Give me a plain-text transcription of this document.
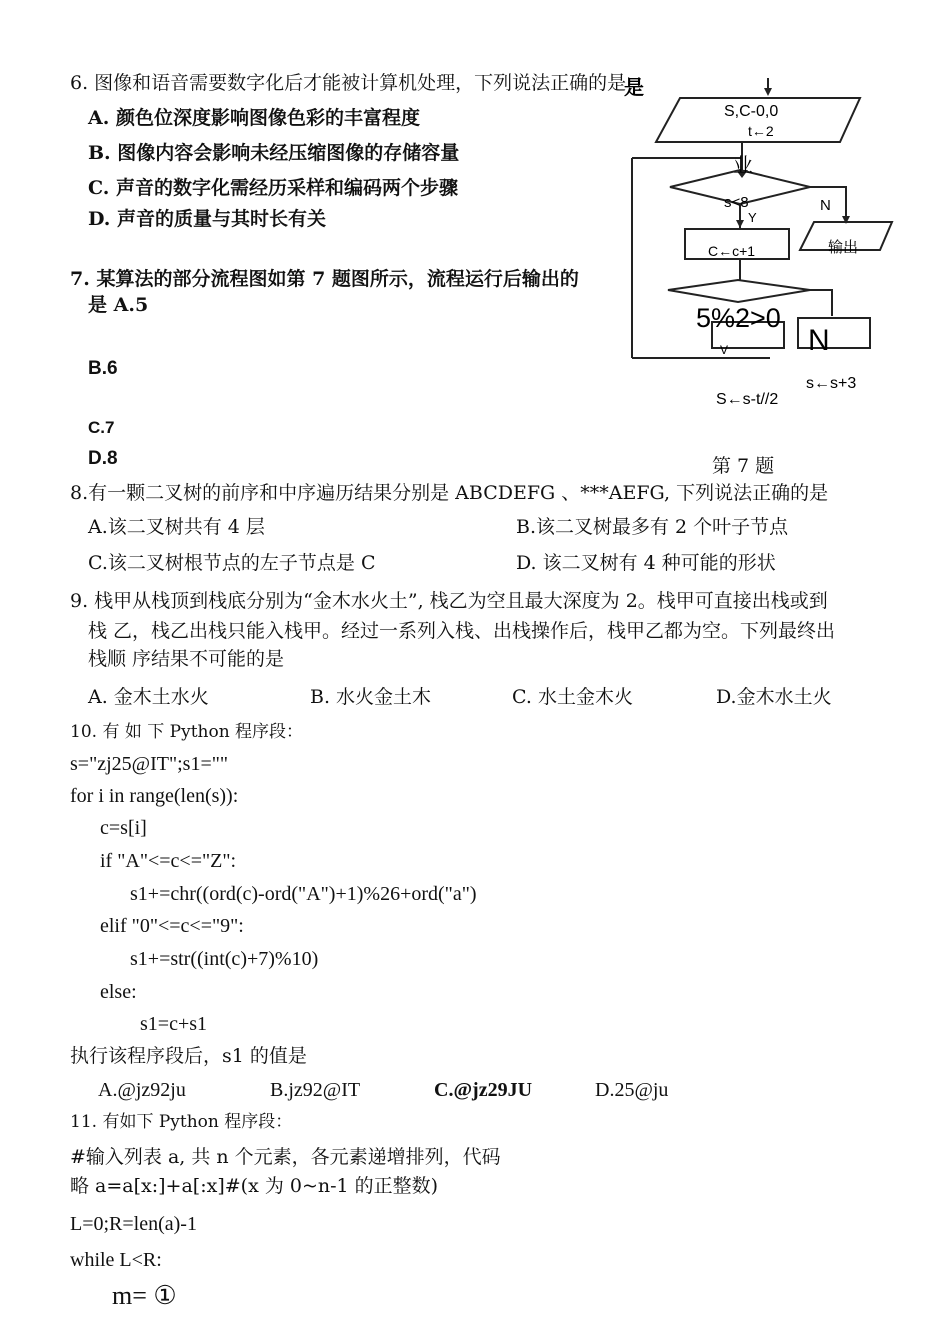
6. 图像和语音需要数字化后才能被计算机处理，下列说法正确的是
A. 颜色位深度影响图像色彩的丰富程度
B. 图像内容会影响未经压缩图像的存储容量
C. 声音的数字化需经历采样和编码两个步骤
D. 声音的质量与其时长有关
7. 某算法的部分流程图如第 7 题图所示，流程运行后输出的
是 A.5
B.6
C.7
D.8
是
S,C-0,0
t←2
业
s<8	N
Y
C←c+1	输出
5%2>0
N
V
s←s+3
S←s-t//2
第 7 题
8.有一颗二叉树的前序和中序遍历结果分别是 ABCDEFG 、***AEFG, 下列说法正确的是
A.该二叉树共有 4 层	B.该二叉树最多有 2 个叶子节点
C.该二叉树根节点的左子节点是 C	D. 该二叉树有 4 种可能的形状
9. 栈甲从栈顶到栈底分别为“金木水火土”, 栈乙为空且最大深度为 2。栈甲可直接出栈或到
栈 乙，栈乙出栈只能入栈甲。经过一系列入栈、出栈操作后，栈甲乙都为空。下列最终出
栈顺 序结果不可能的是
A. 金木土水火	B. 水火金土木	C. 水土金木火	D.金木水土火
10. 有 如 下 Python 程序段：
s="zj25@IT";s1=""
for i in range(len(s)):
c=s[i]
if "A"<=c<="Z":
s1+=chr((ord(c)-ord("A")+1)%26+ord("a")
elif "0"<=c<="9":
s1+=str((int(c)+7)%10)
else:
s1=c+s1
执行该程序段后，s1 的值是
A.@jz92ju	B.jz92@IT	C.@jz29JU	D.25@ju
11. 有如下 Python 程序段：
#输入列表 a, 共 n 个元素，各元素递增排列，代码
略 a=a[x:]+a[:x]#(x 为 0~n-1 的正整数)
L=0;R=len(a)-1
while L<R:
m= ①
